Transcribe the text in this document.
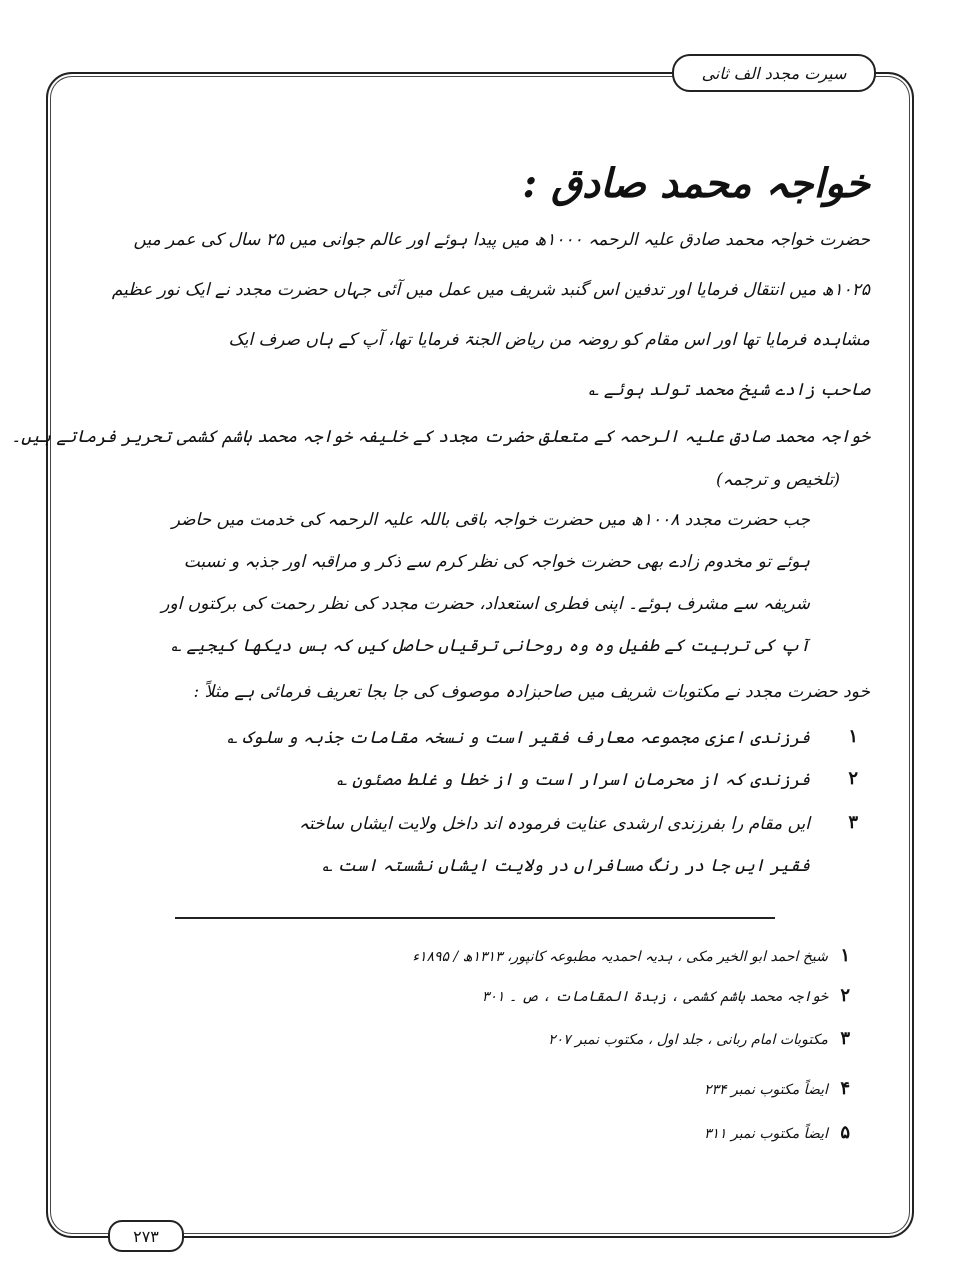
سیرت مجدد الف ثانی
خواجہ محمد صادق :
حضرت خواجہ محمد صادق علیہ الرحمہ ۱۰۰۰ھ میں پیدا ہوئے اور عالم جوانی میں ۲۵ سال کی عمر میں
۱۰۲۵ھ میں انتقال فرمایا اور تدفین اس گنبد شریف میں عمل میں آئی جہاں حضرت مجدد نے ایک نور عظیم
مشاہدہ فرمایا تھا اور اس مقام کو روضہ من ریاض الجنۃ فرمایا تھا، آپ کے ہاں صرف ایک
صاحب زادے شیخ محمد تولد ہوئے ؎
خواجہ محمد صادق علیہ الرحمہ کے متعلق حضرت مجدد کے خلیفہ خواجہ محمد ہاشم کشمی تحریر فرماتے ہیں۔
(تلخیص و ترجمہ)
جب حضرت مجدد ۱۰۰۸ھ میں حضرت خواجہ باقی باللہ علیہ الرحمہ کی خدمت میں حاضر
ہوئے تو مخدوم زادے بھی حضرت خواجہ کی نظر کرم سے ذکر و مراقبہ اور جذبہ و نسبت
شریفہ سے مشرف ہوئے۔ اپنی فطری استعداد، حضرت مجدد کی نظر رحمت کی برکتوں اور
آپ کی تربیت کے طفیل وہ وہ روحانی ترقیاں حاصل کیں کہ بس دیکھا کیجیے ؎
خود حضرت مجدد نے مکتوبات شریف میں صاحبزادہ موصوف کی جا بجا تعریف فرمائی ہے مثلاً :
۱
فرزندی اعزی مجموعہ معارف فقیر است و نسخہ مقامات جذبہ و سلوک ؎
۲
فرزندی کہ از محرمان اسرار است و از خطا و غلط مصئون ؎
۳
ایں مقام را بفرزندی ارشدی عنایت فرمودہ اند داخل ولایت ایشاں ساختہ
فقیر ایں جا در رنگ مسافراں در ولایت ایشاں نشستہ است ؎
۱ شیخ احمد ابو الخیر مکی ، ہدیہ احمدیہ مطبوعہ کانپور، ۱۳۱۳ھ / ۱۸۹۵ء
۲ خواجہ محمد ہاشم کشمی ، زبدۃ المقامات ، ص ۔ ۳۰۱
۳ مکتوبات امام ربانی ، جلد اول ، مکتوب نمبر ۲۰۷
۴ ایضاً مکتوب نمبر ۲۳۴
۵ ایضاً مکتوب نمبر ۳۱۱
۲۷۳
